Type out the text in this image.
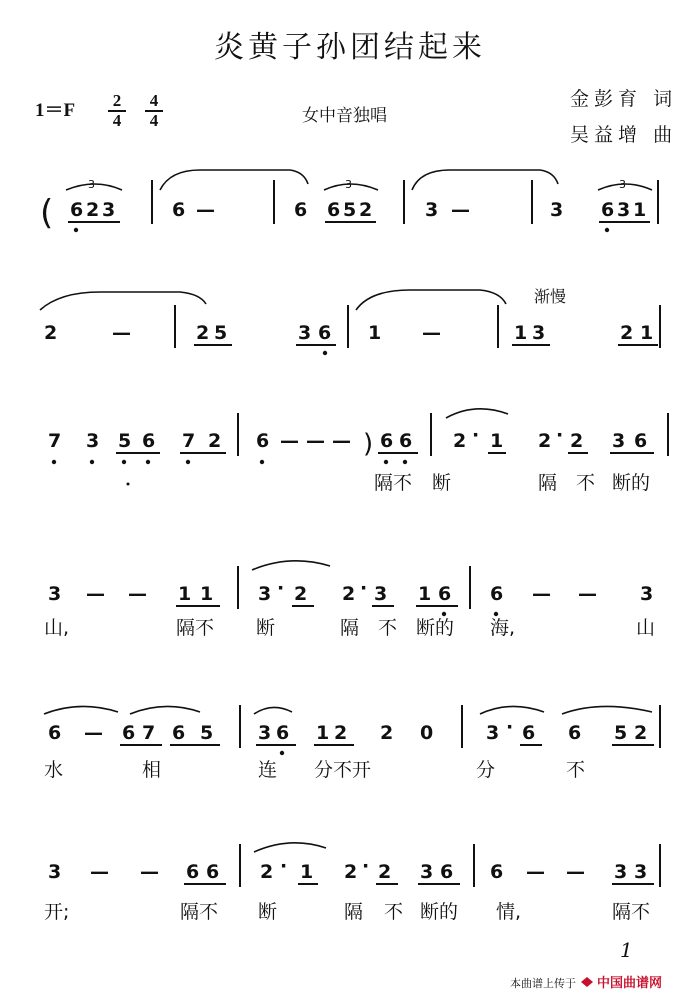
炎黄子孙团结起来
1＝F 2
4
4
4	女中音独唱
金彭育 词
吴益增 曲
( 6 2 3	6 —	6 6 5 2	3 —	3 6 3 1
2	—	2 5	3 6 1 —	1 3	2 1
7 3 5 6 7 2 6 — — — ) 6 6 2 · 1 2 · 2 3 6
3 — — 1 1 3 · 2 2 · 3 1 6 6 — — 3
6 — 6 7 6 5 3 6 1 2 2 0	3 · 6 6 5 2
3 — — 6 6 2 · 1 2 · 2 3 6 6 — — 3 3
3	3	3
渐慢
隔不 断	隔 不 断的
山,	隔不 断	隔 不 断的 海,	山
水	相	连 分不开	分	不
开;	隔不 断	隔 不 断的 情,	隔不
1
本曲谱上传于 中国曲谱网
